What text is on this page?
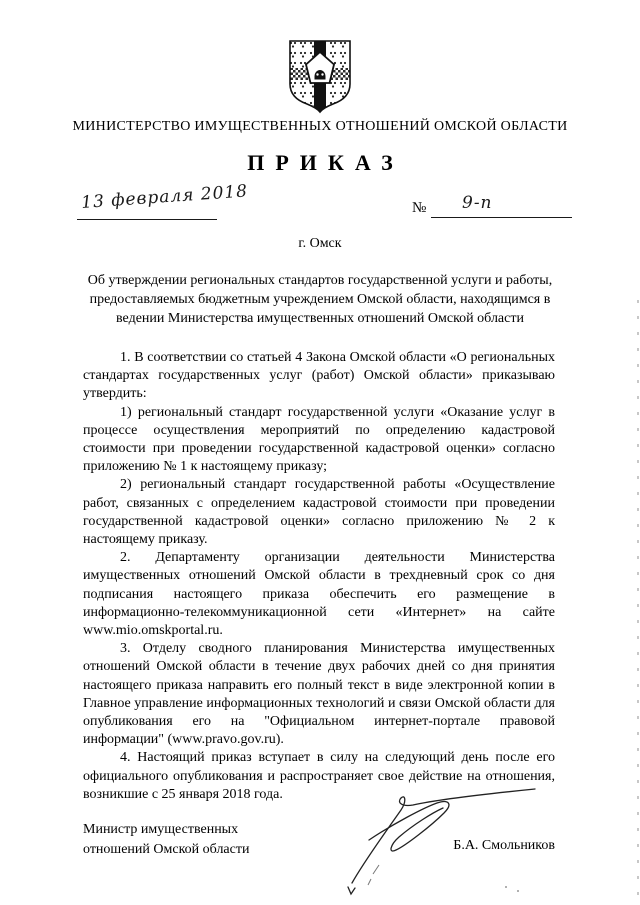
МИНИСТЕРСТВО ИМУЩЕСТВЕННЫХ ОТНОШЕНИЙ ОМСКОЙ ОБЛАСТИ
ПРИКАЗ
13 февраля 2018	№ 9-п
г. Омск
Об утверждении региональных стандартов государственной услуги и работы,
предоставляемых бюджетным учреждением Омской области, находящимся в
ведении Министерства имущественных отношений Омской области

1. В соответствии со статьей 4 Закона Омской области «О региональных стандартах государственных услуг (работ) Омской области» приказываю утвердить:

1) региональный стандарт государственной услуги «Оказание услуг в процессе осуществления мероприятий по определению кадастровой стоимости при проведении государственной кадастровой оценки» согласно приложению № 1 к настоящему приказу;

2) региональный стандарт государственной работы «Осуществление работ, связанных с определением кадастровой стоимости при проведении государственной кадастровой оценки» согласно приложению № 2 к настоящему приказу.

2. Департаменту организации деятельности Министерства имущественных отношений Омской области в трехдневный срок со дня подписания настоящего приказа обеспечить его размещение в информационно-телекоммуникационной сети «Интернет» на сайте www.mio.omskportal.ru.

3. Отделу сводного планирования Министерства имущественных отношений Омской области в течение двух рабочих дней со дня принятия настоящего приказа направить его полный текст в виде электронной копии в Главное управление информационных технологий и связи Омской области для опубликования его на "Официальном интернет-портале правовой информации" (www.pravo.gov.ru).

4. Настоящий приказ вступает в силу на следующий день после его официального опубликования и распространяет свое действие на отношения, возникшие с 25 января 2018 года.

Министр имущественных
отношений Омской области	Б.А. Смольников
